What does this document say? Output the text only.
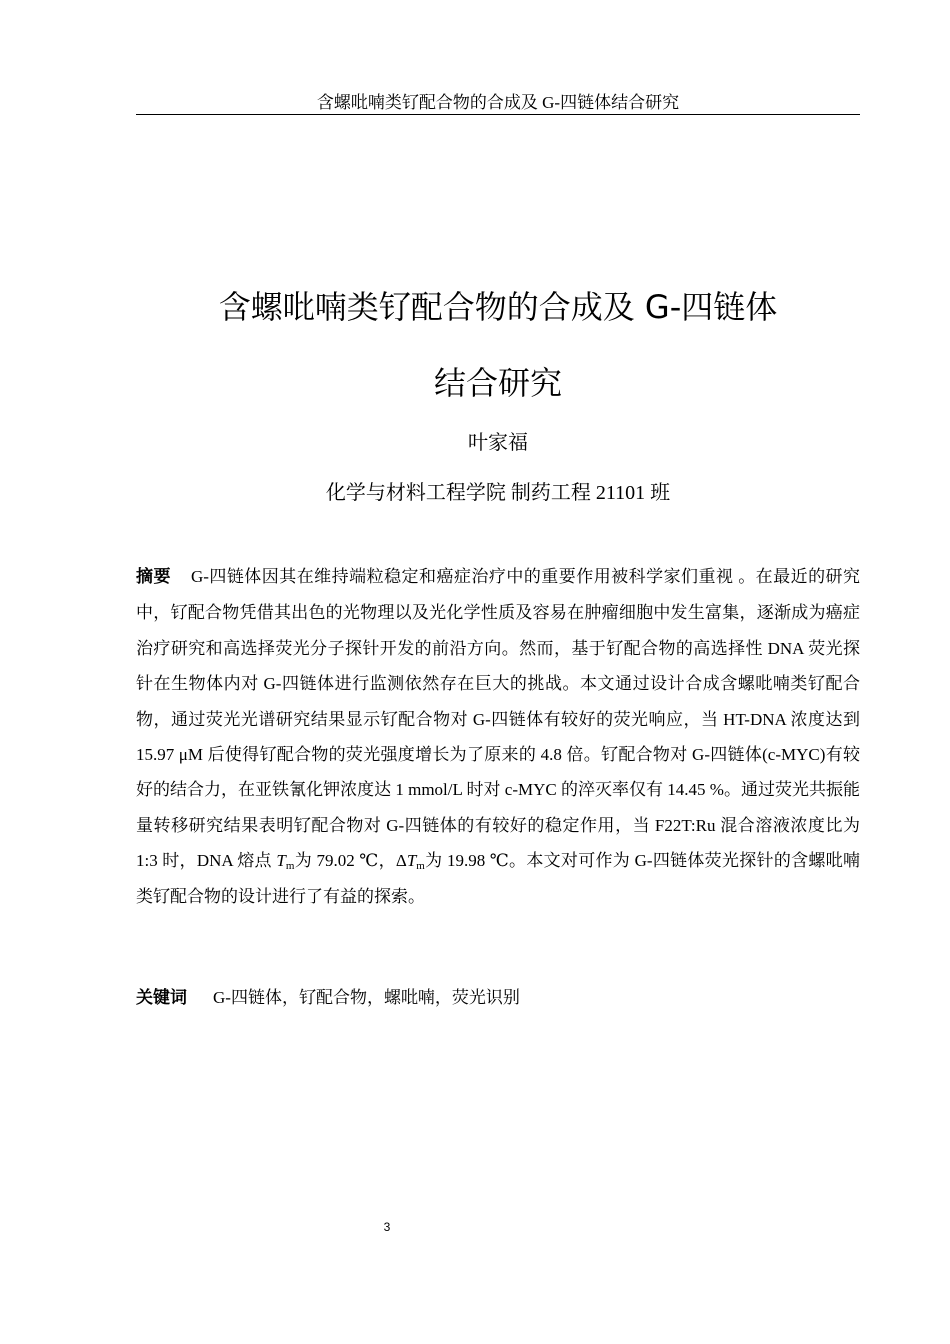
含螺吡喃类钌配合物的合成及 G-四链体结合研究
含螺吡喃类钌配合物的合成及 G-四链体
结合研究
叶家福
化学与材料工程学院 制药工程 21101 班

摘要 G-四链体因其在维持端粒稳定和癌症治疗中的重要作用被科学家们重视 。在最近的研究中，钌配合物凭借其出色的光物理以及光化学性质及容易在肿瘤细胞中发生富集，逐渐成为癌症治疗研究和高选择荧光分子探针开发的前沿方向。然而，基于钌配合物的高选择性 DNA 荧光探针在生物体内对 G-四链体进行监测依然存在巨大的挑战。本文通过设计合成含螺吡喃类钌配合物，通过荧光光谱研究结果显示钌配合物对 G-四链体有较好的荧光响应，当 HT-DNA 浓度达到 15.97 μM 后使得钌配合物的荧光强度增长为了原来的 4.8 倍。钌配合物对 G-四链体(c-MYC)有较好的结合力，在亚铁氰化钾浓度达 1 mmol/L 时对 c-MYC 的淬灭率仅有 14.45 %。通过荧光共振能量转移研究结果表明钌配合物对 G-四链体的有较好的稳定作用，当 F22T:Ru 混合溶液浓度比为 1:3 时，DNA 熔点 $T_m$为 79.02 ℃，$\Delta T_m$为 19.98 ℃。本文对可作为 G-四链体荧光探针的含螺吡喃类钌配合物的设计进行了有益的探索。

关键词 G-四链体，钌配合物，螺吡喃，荧光识别
3
